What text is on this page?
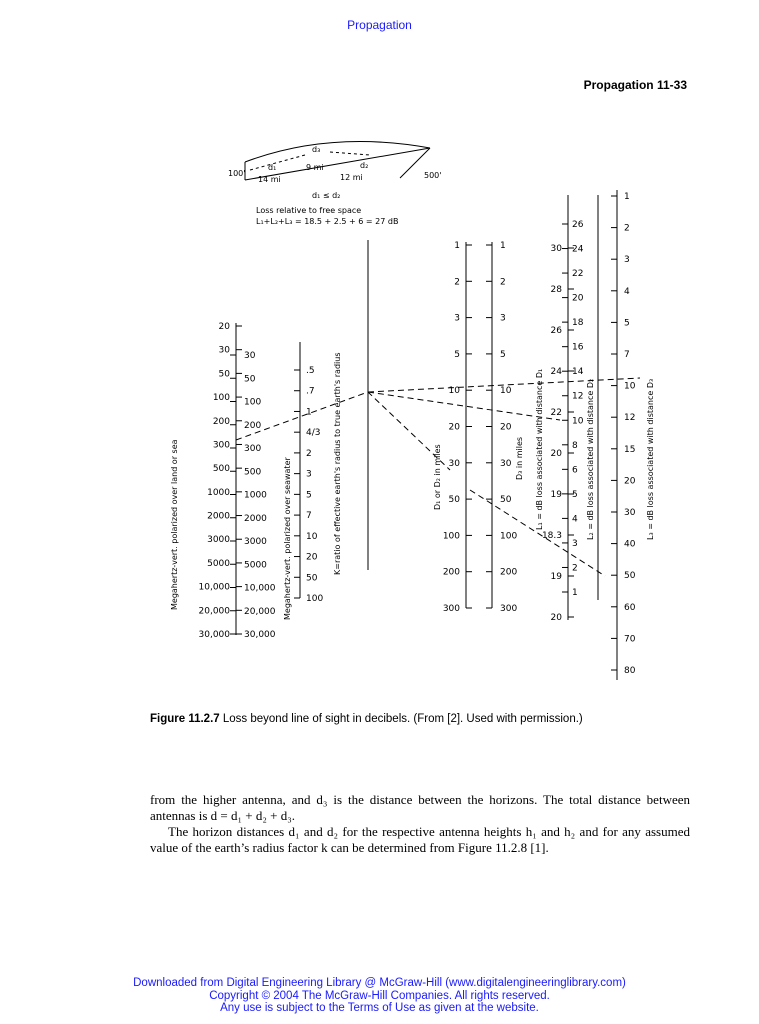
Propagation
Propagation 11-33
20
30
50
100
200
300
500
1000
2000
3000
5000
10,000
20,000
30,000
30
50
100
200
300
500
1000
2000
3000
5000
10,000
20,000
30,000
.5
.7
1
4/3
2
3
5
7
10
20
50
100
1
2
3
5
10
20
30
50
100
200
300
1
2
3
5
10
20
30
50
100
200
300
30
28
26
24
22
20
19
18.3
19
20
26
24
22
20
18
16
14
12
10
8
6
5
4
3
2
1
1
2
3
4
5
7
10
12
15
20
30
40
50
60
70
80
100'
d₁
14 mi
d₃
9 mi	d₂
12 mi	500'
d₁ ≤ d₂
Loss relative to free space
L₁+L₂+L₃ = 18.5 + 2.5 + 6 = 27 dB
Megahertz-vert. polarized over land or sea	Megahertz-vert. polarized over seawater	K=ratio of effective earth's radius to true earth's radius	D₁ or D₂ in miles	D₃ in miles L₁ = dB loss associated with distance D₁	L₂ = dB loss associated with distance D₂	L₃ = dB loss associated with distance D₃
Figure 11.2.7 Loss beyond line of sight in decibels. (From [2]. Used with permission.)

from the higher antenna, and d₃ is the distance between the horizons. The total distance between antennas is d = d₁ + d₂ + d₃.

The horizon distances d₁ and d₂ for the respective antenna heights h₁ and h₂ and for any assumed value of the earth’s radius factor k can be determined from Figure 11.2.8 [1].

Downloaded from Digital Engineering Library @ McGraw-Hill (www.digitalengineeringlibrary.com)
Copyright © 2004 The McGraw-Hill Companies. All rights reserved.
Any use is subject to the Terms of Use as given at the website.
